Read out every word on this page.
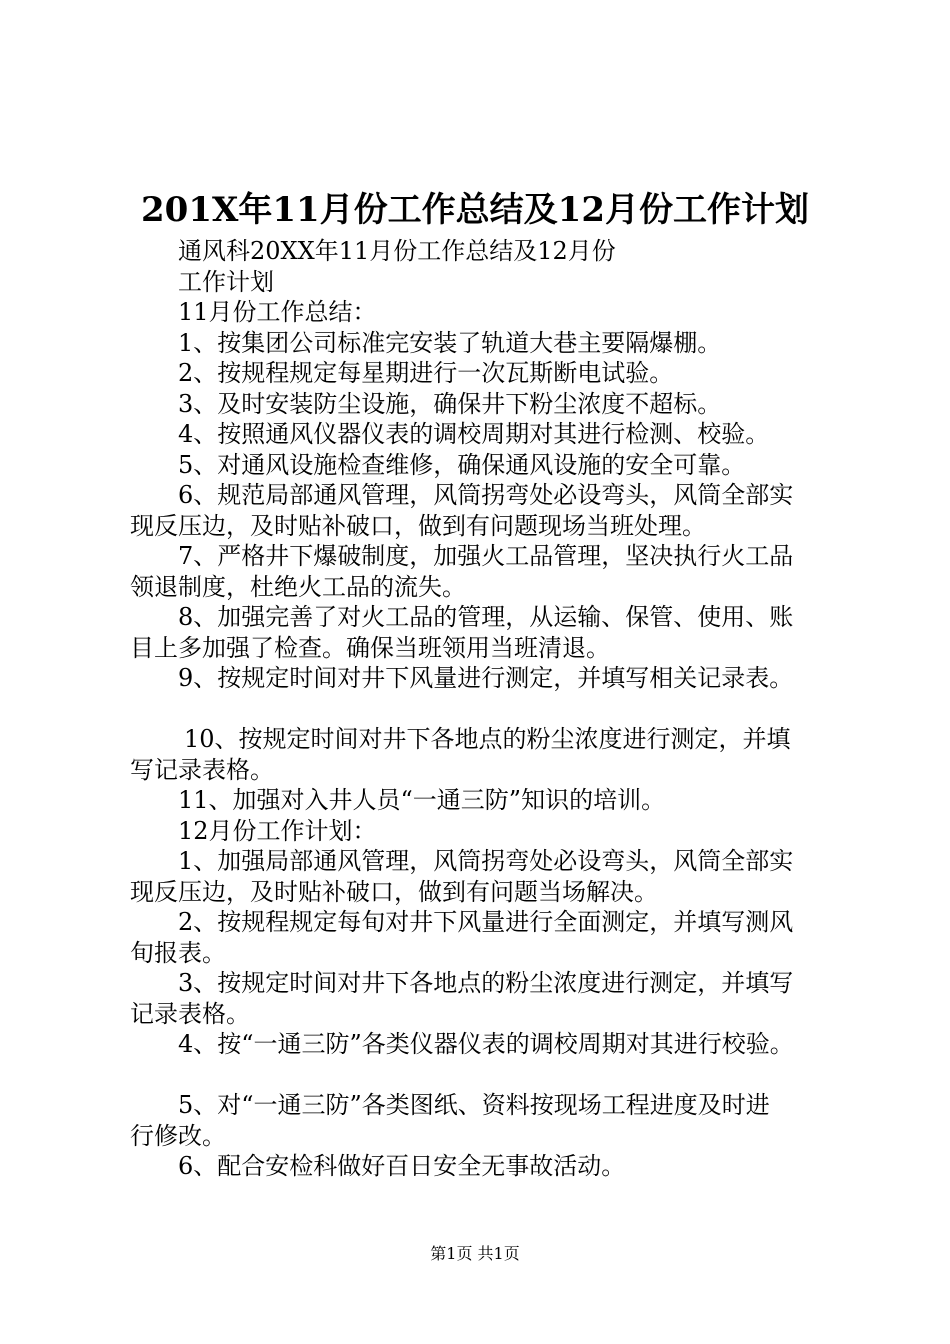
201X年11月份工作总结及12月份工作计划
通风科20XX年11月份工作总结及12月份
工作计划
11月份工作总结：
1、按集团公司标准完安装了轨道大巷主要隔爆棚。
2、按规程规定每星期进行一次瓦斯断电试验。
3、及时安装防尘设施，确保井下粉尘浓度不超标。
4、按照通风仪器仪表的调校周期对其进行检测、校验。
5、对通风设施检查维修，确保通风设施的安全可靠。
6、规范局部通风管理，风筒拐弯处必设弯头，风筒全部实
现反压边，及时贴补破口，做到有问题现场当班处理。
7、严格井下爆破制度，加强火工品管理，坚决执行火工品
领退制度，杜绝火工品的流失。
8、加强完善了对火工品的管理，从运输、保管、使用、账
目上多加强了检查。确保当班领用当班清退。
9、按规定时间对井下风量进行测定，并填写相关记录表。
10、按规定时间对井下各地点的粉尘浓度进行测定，并填
写记录表格。
11、加强对入井人员“一通三防”知识的培训。
12月份工作计划：
1、加强局部通风管理，风筒拐弯处必设弯头，风筒全部实
现反压边，及时贴补破口，做到有问题当场解决。
2、按规程规定每旬对井下风量进行全面测定，并填写测风
旬报表。
3、按规定时间对井下各地点的粉尘浓度进行测定，并填写
记录表格。
4、按“一通三防”各类仪器仪表的调校周期对其进行校验。
5、对“一通三防”各类图纸、资料按现场工程进度及时进
行修改。
6、配合安检科做好百日安全无事故活动。
第1页 共1页
